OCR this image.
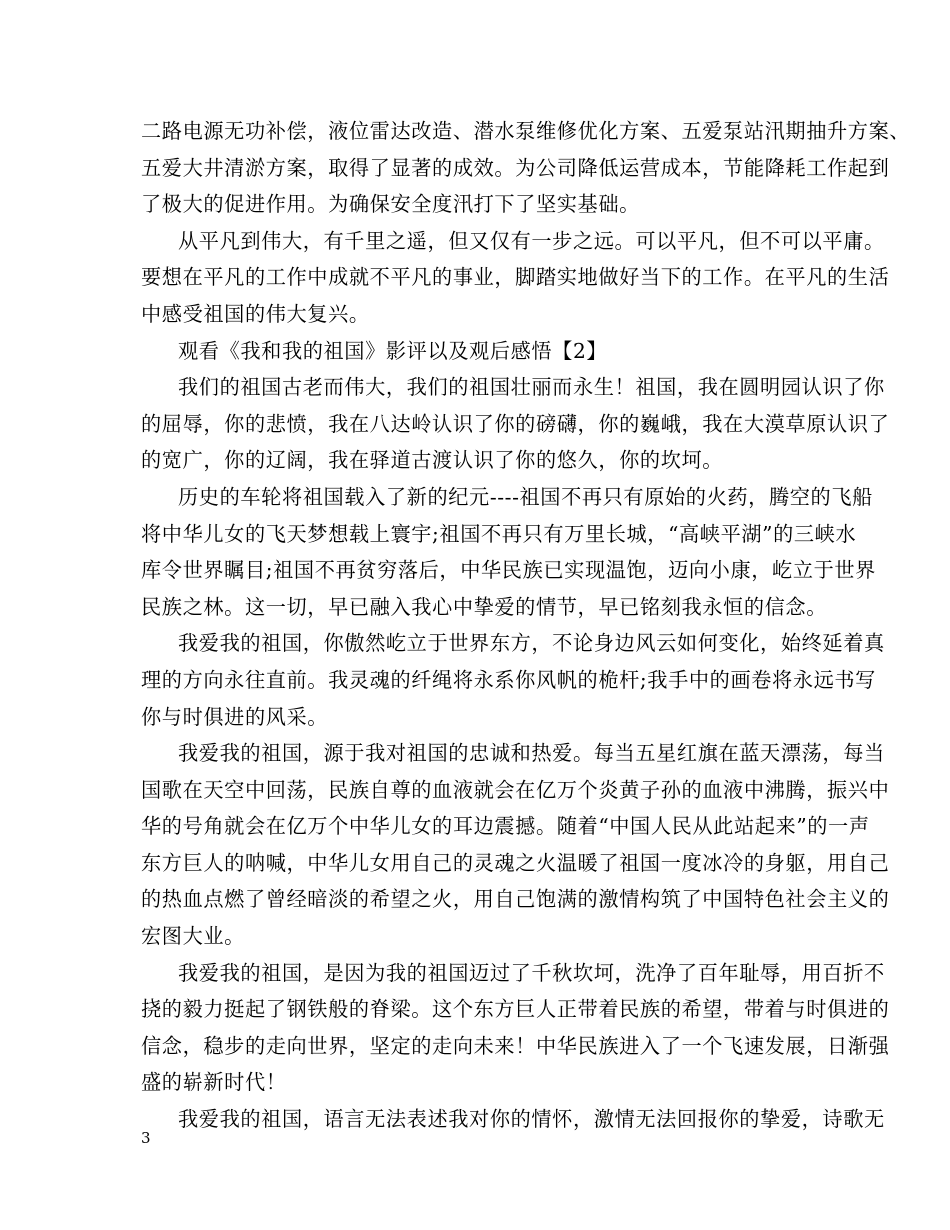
二路电源无功补偿，液位雷达改造、潜水泵维修优化方案、五爱泵站汛期抽升方案、
五爱大井清淤方案，取得了显著的成效。为公司降低运营成本，节能降耗工作起到
了极大的促进作用。为确保安全度汛打下了坚实基础。
从平凡到伟大，有千里之遥，但又仅有一步之远。可以平凡，但不可以平庸。
要想在平凡的工作中成就不平凡的事业，脚踏实地做好当下的工作。在平凡的生活
中感受祖国的伟大复兴。
观看《我和我的祖国》影评以及观后感悟【2】
我们的祖国古老而伟大，我们的祖国壮丽而永生！祖国，我在圆明园认识了你
的屈辱，你的悲愤，我在八达岭认识了你的磅礴，你的巍峨，我在大漠草原认识了
的宽广，你的辽阔，我在驿道古渡认识了你的悠久，你的坎坷。
历史的车轮将祖国载入了新的纪元----祖国不再只有原始的火药，腾空的飞船
将中华儿女的飞天梦想载上寰宇;祖国不再只有万里长城，“高峡平湖”的三峡水
库令世界瞩目;祖国不再贫穷落后，中华民族已实现温饱，迈向小康，屹立于世界
民族之林。这一切，早已融入我心中挚爱的情节，早已铭刻我永恒的信念。
我爱我的祖国，你傲然屹立于世界东方，不论身边风云如何变化，始终延着真
理的方向永往直前。我灵魂的纤绳将永系你风帆的桅杆;我手中的画卷将永远书写
你与时俱进的风采。
我爱我的祖国，源于我对祖国的忠诚和热爱。每当五星红旗在蓝天漂荡，每当
国歌在天空中回荡，民族自尊的血液就会在亿万个炎黄子孙的血液中沸腾，振兴中
华的号角就会在亿万个中华儿女的耳边震撼。随着“中国人民从此站起来”的一声
东方巨人的呐喊，中华儿女用自己的灵魂之火温暖了祖国一度冰冷的身躯，用自己
的热血点燃了曾经暗淡的希望之火，用自己饱满的激情构筑了中国特色社会主义的
宏图大业。
我爱我的祖国，是因为我的祖国迈过了千秋坎坷，洗净了百年耻辱，用百折不
挠的毅力挺起了钢铁般的脊梁。这个东方巨人正带着民族的希望，带着与时俱进的
信念，稳步的走向世界，坚定的走向未来！中华民族进入了一个飞速发展，日渐强
盛的崭新时代！
我爱我的祖国，语言无法表述我对你的情怀，激情无法回报你的挚爱，诗歌无
3
